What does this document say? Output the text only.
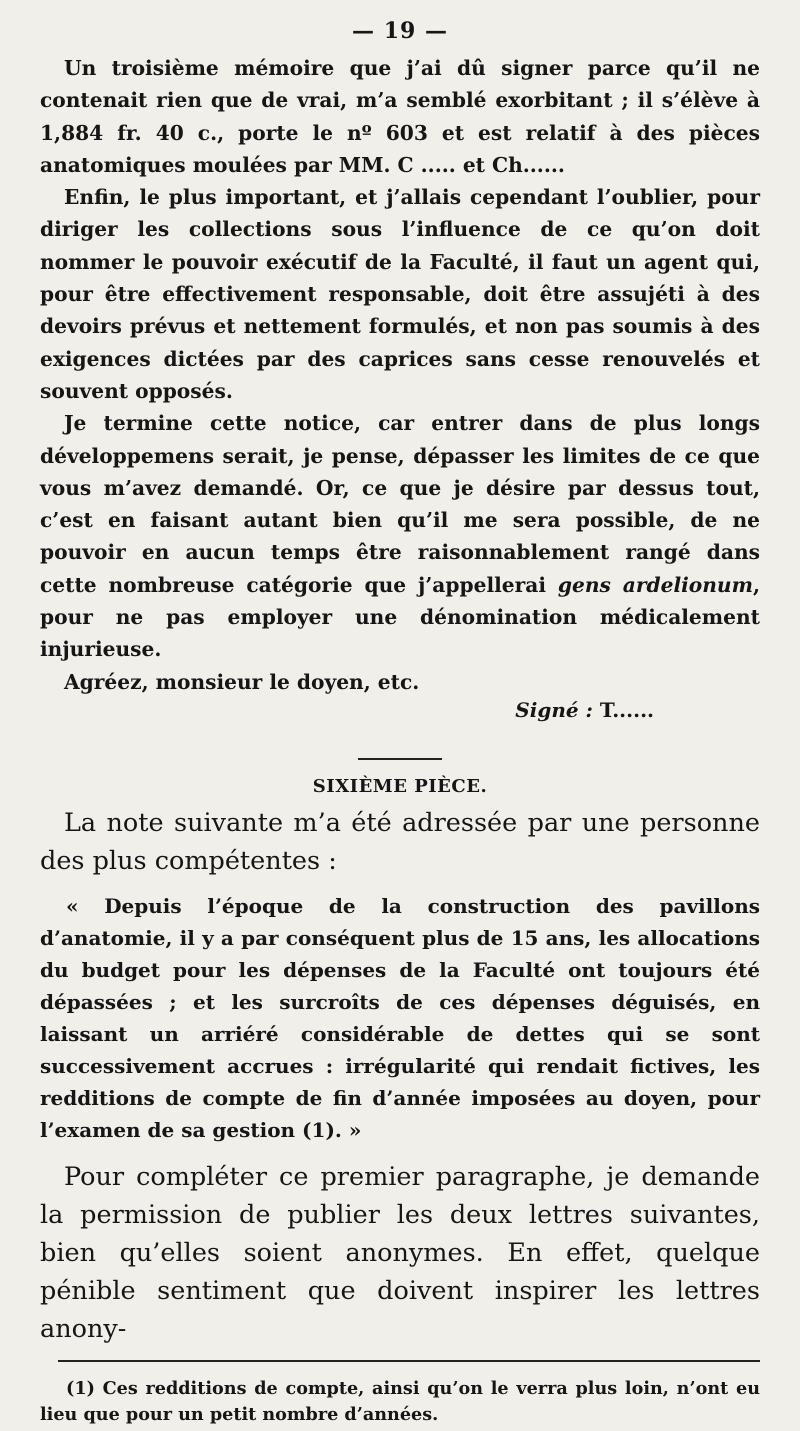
— 19 —

Un troisième mémoire que j’ai dû signer parce qu’il ne contenait rien que de vrai, m’a semblé exorbitant ; il s’élève à 1,884 fr. 40 c., porte le nº 603 et est relatif à des pièces anatomiques moulées par MM. C ..... et Ch......

Enfin, le plus important, et j’allais cependant l’oublier, pour diriger les collections sous l’influence de ce qu’on doit nommer le pouvoir exécutif de la Faculté, il faut un agent qui, pour être effectivement responsable, doit être assujéti à des devoirs prévus et nettement formulés, et non pas soumis à des exigences dictées par des caprices sans cesse renouvelés et souvent opposés.

Je termine cette notice, car entrer dans de plus longs développemens serait, je pense, dépasser les limites de ce que vous m’avez demandé. Or, ce que je désire par dessus tout, c’est en faisant autant bien qu’il me sera possible, de ne pouvoir en aucun temps être raisonnablement rangé dans cette nombreuse catégorie que j’appellerai gens ardelionum, pour ne pas employer une dénomination médicalement injurieuse.

Agréez, monsieur le doyen, etc.

Signé : T......
SIXIÈME PIÈCE.

La note suivante m’a été adressée par une personne des plus compétentes :

« Depuis l’époque de la construction des pavillons d’anatomie, il y a par conséquent plus de 15 ans, les allocations du budget pour les dépenses de la Faculté ont toujours été dépassées ; et les surcroîts de ces dépenses déguisés, en laissant un arriéré considérable de dettes qui se sont successivement accrues : irrégularité qui rendait fictives, les redditions de compte de fin d’année imposées au doyen, pour l’examen de sa gestion (1). »

Pour compléter ce premier paragraphe, je demande la permission de publier les deux lettres suivantes, bien qu’elles soient anonymes. En effet, quelque pénible sentiment que doivent inspirer les lettres anony-

(1) Ces redditions de compte, ainsi qu’on le verra plus loin, n’ont eu lieu que pour un petit nombre d’années.
